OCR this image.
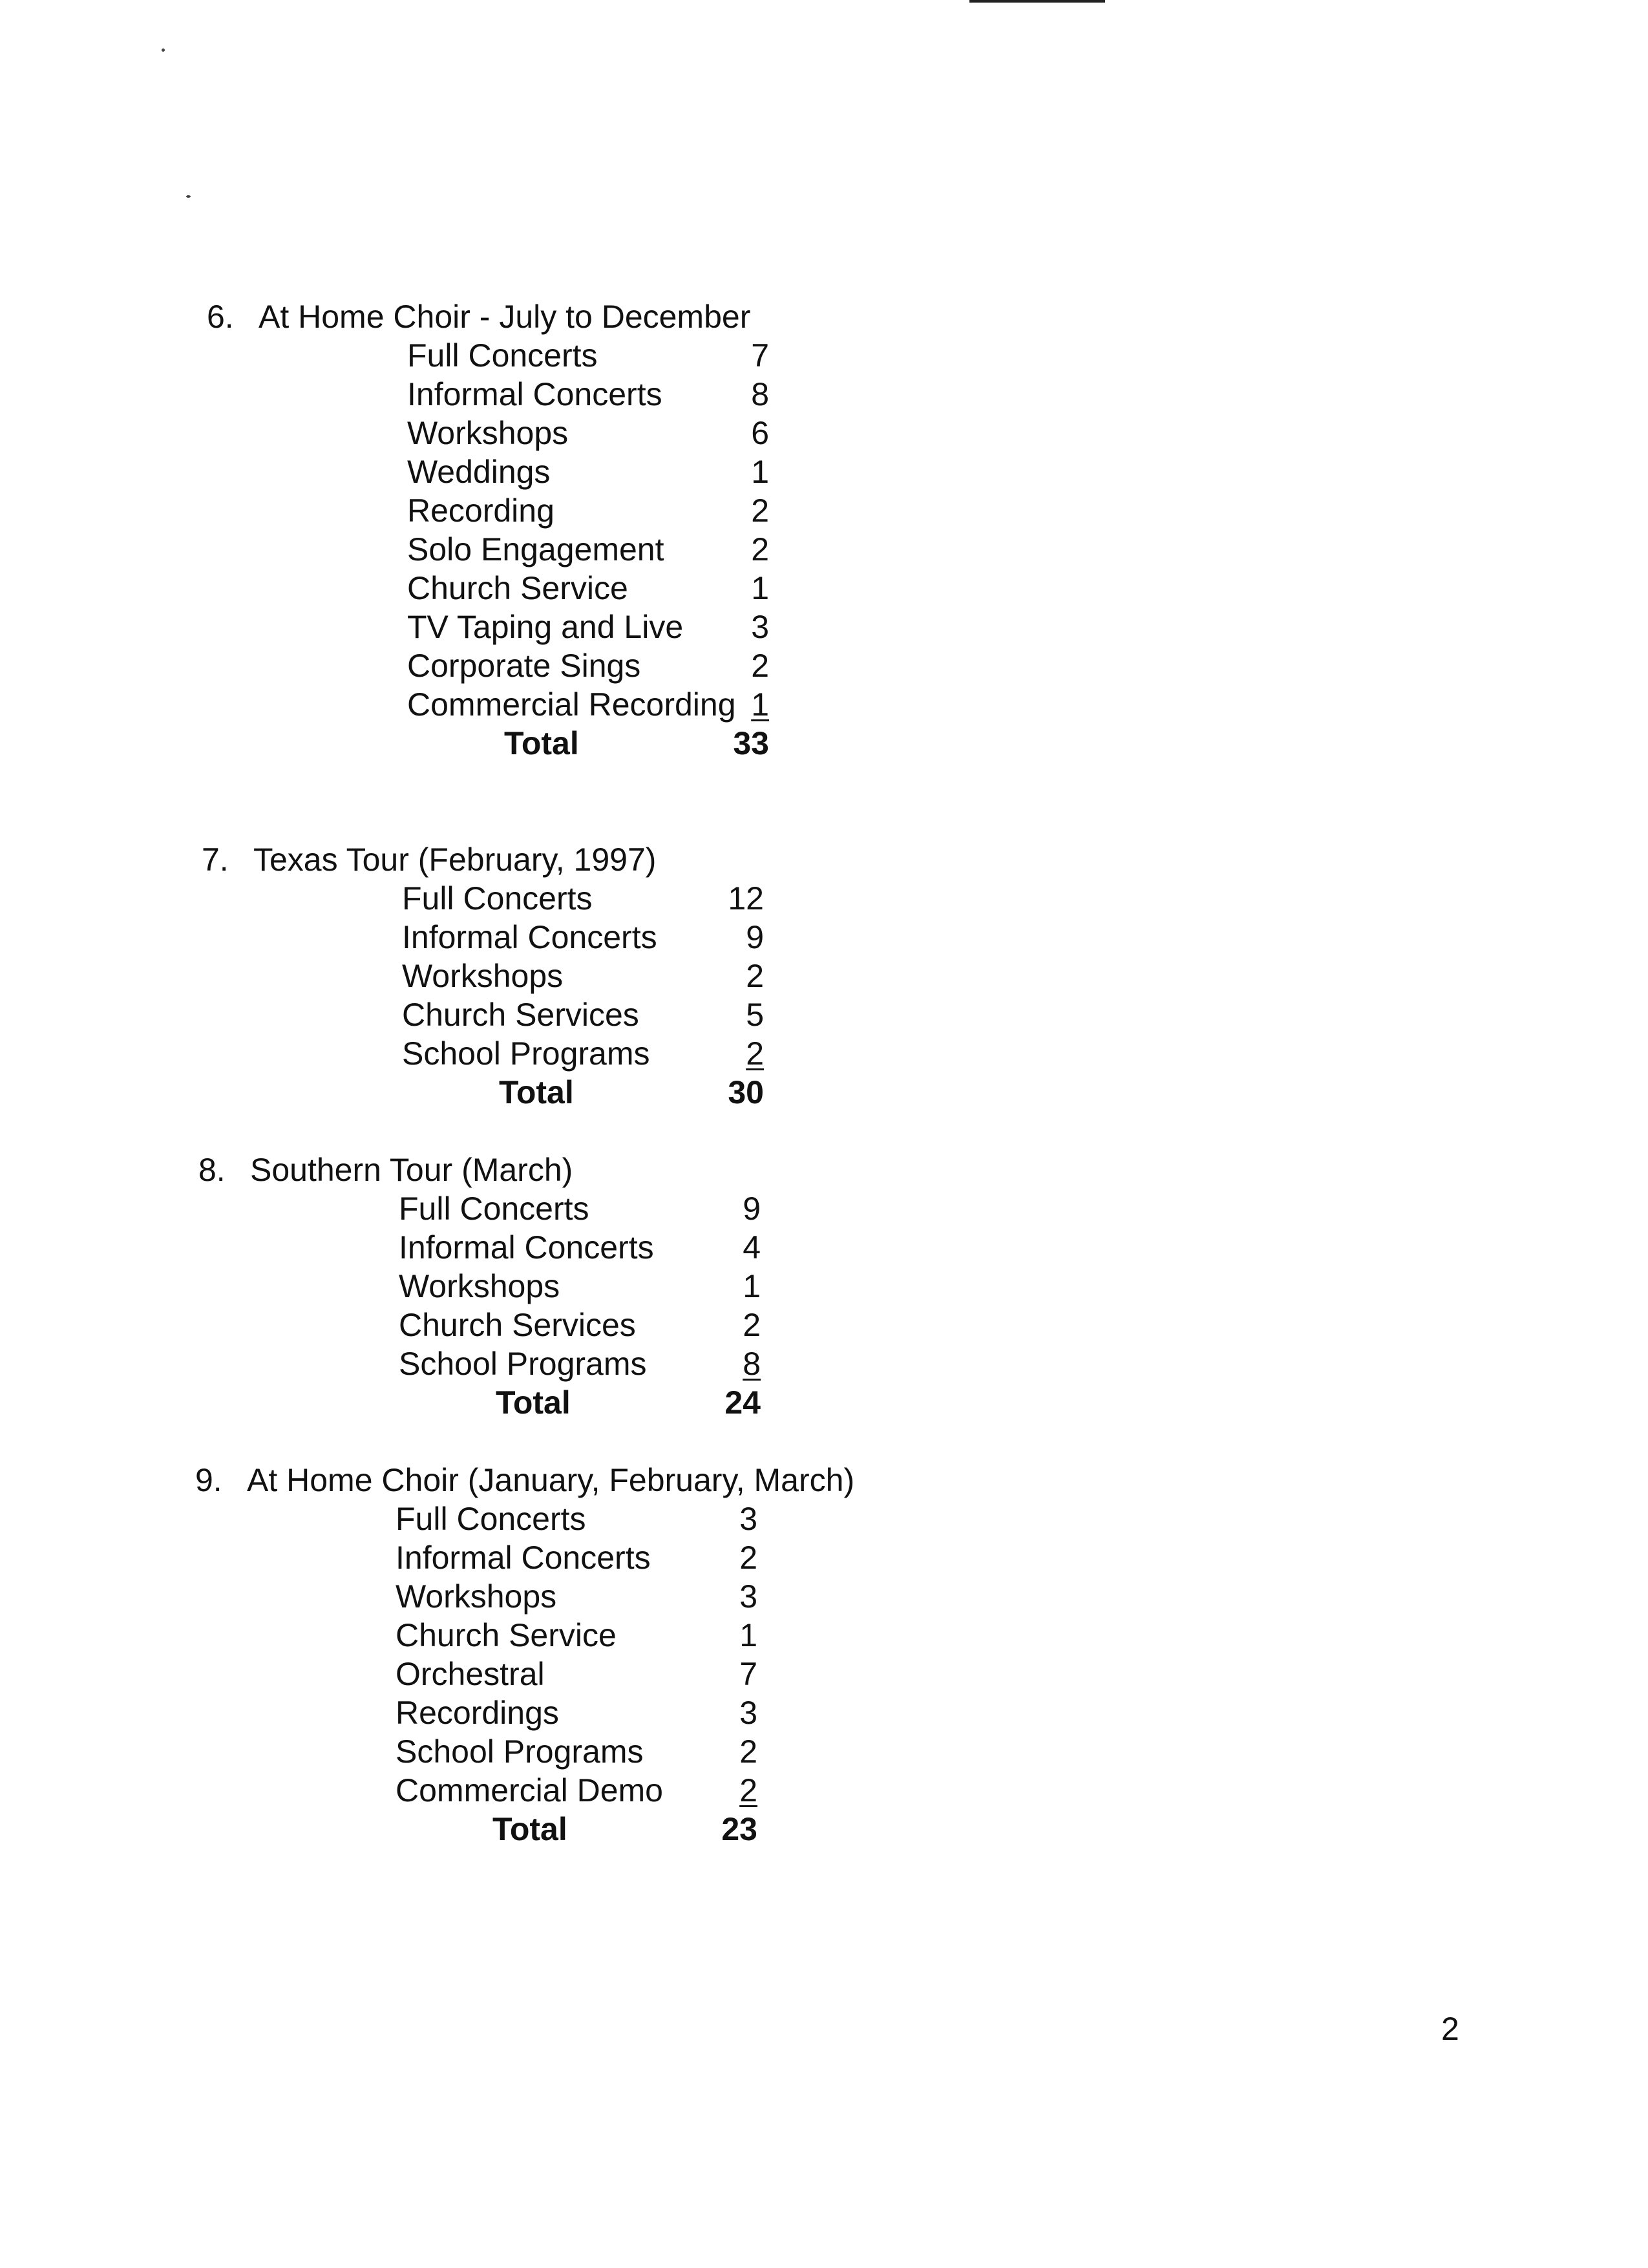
6. At Home Choir - July to December
Full Concerts	7
Informal Concerts	8
Workshops	6
Weddings	1
Recording	2
Solo Engagement	2
Church Service	1
TV Taping and Live	3
Corporate Sings	2
Commercial Recording 1
Total	33
7. Texas Tour (February, 1997)
Full Concerts	12
Informal Concerts	9
Workshops	2
Church Services	5
School Programs	2
Total	30
8. Southern Tour (March)
Full Concerts	9
Informal Concerts	4
Workshops	1
Church Services	2
School Programs	8
Total	24
9. At Home Choir (January, February, March)
Full Concerts	3
Informal Concerts	2
Workshops	3
Church Service	1
Orchestral	7
Recordings	3
School Programs	2
Commercial Demo	2
Total	23
2
